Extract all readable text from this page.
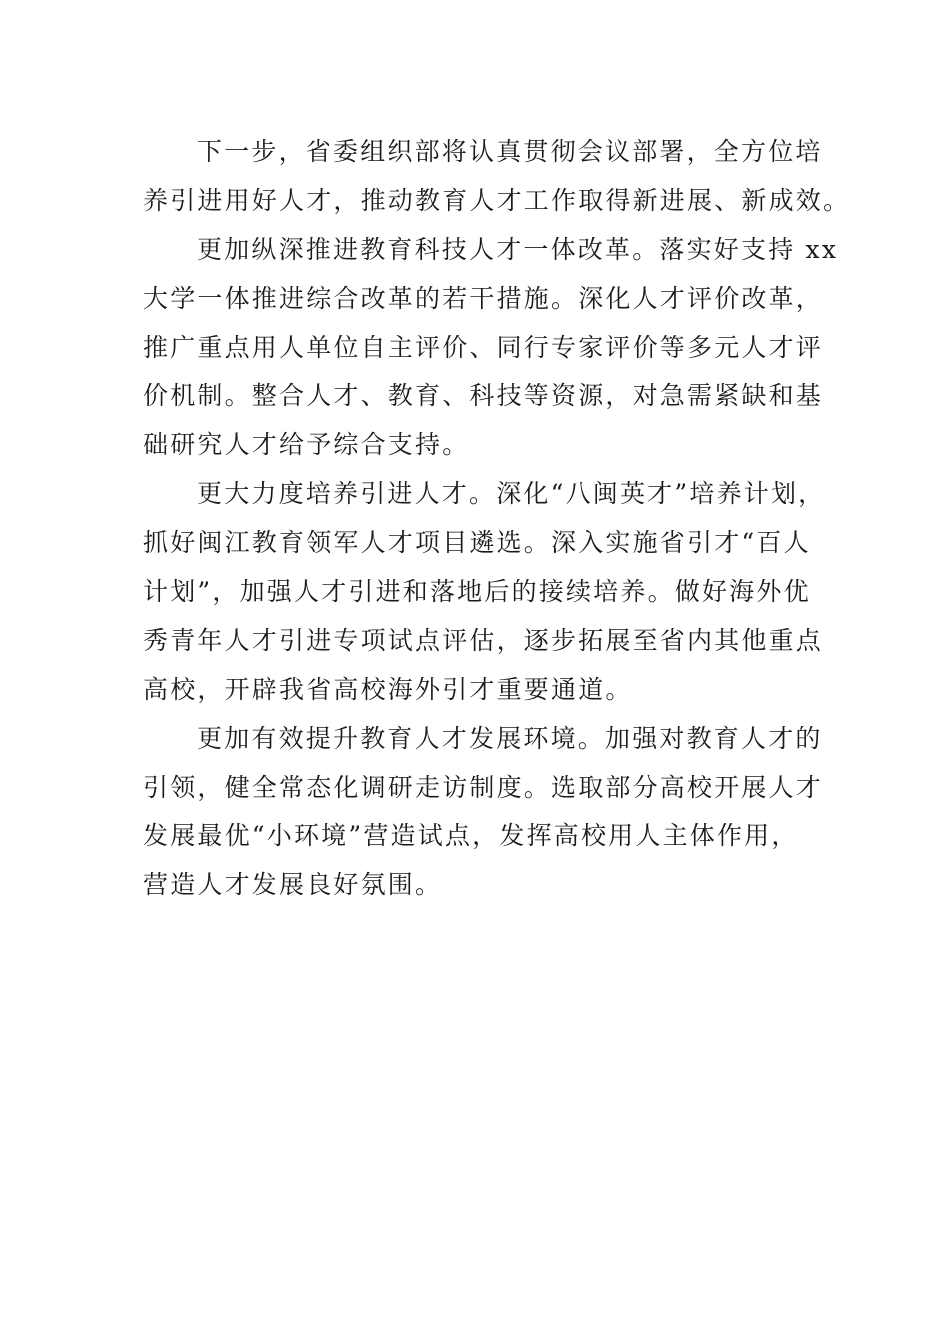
下一步，省委组织部将认真贯彻会议部署，全方位培
养引进用好人才，推动教育人才工作取得新进展、新成效。
更加纵深推进教育科技人才一体改革。落实好支持 xx
大学一体推进综合改革的若干措施。深化人才评价改革，
推广重点用人单位自主评价、同行专家评价等多元人才评
价机制。整合人才、教育、科技等资源，对急需紧缺和基
础研究人才给予综合支持。
更大力度培养引进人才。深化“八闽英才”培养计划，
抓好闽江教育领军人才项目遴选。深入实施省引才“百人
计划”，加强人才引进和落地后的接续培养。做好海外优
秀青年人才引进专项试点评估，逐步拓展至省内其他重点
高校，开辟我省高校海外引才重要通道。
更加有效提升教育人才发展环境。加强对教育人才的
引领，健全常态化调研走访制度。选取部分高校开展人才
发展最优“小环境”营造试点，发挥高校用人主体作用，
营造人才发展良好氛围。
